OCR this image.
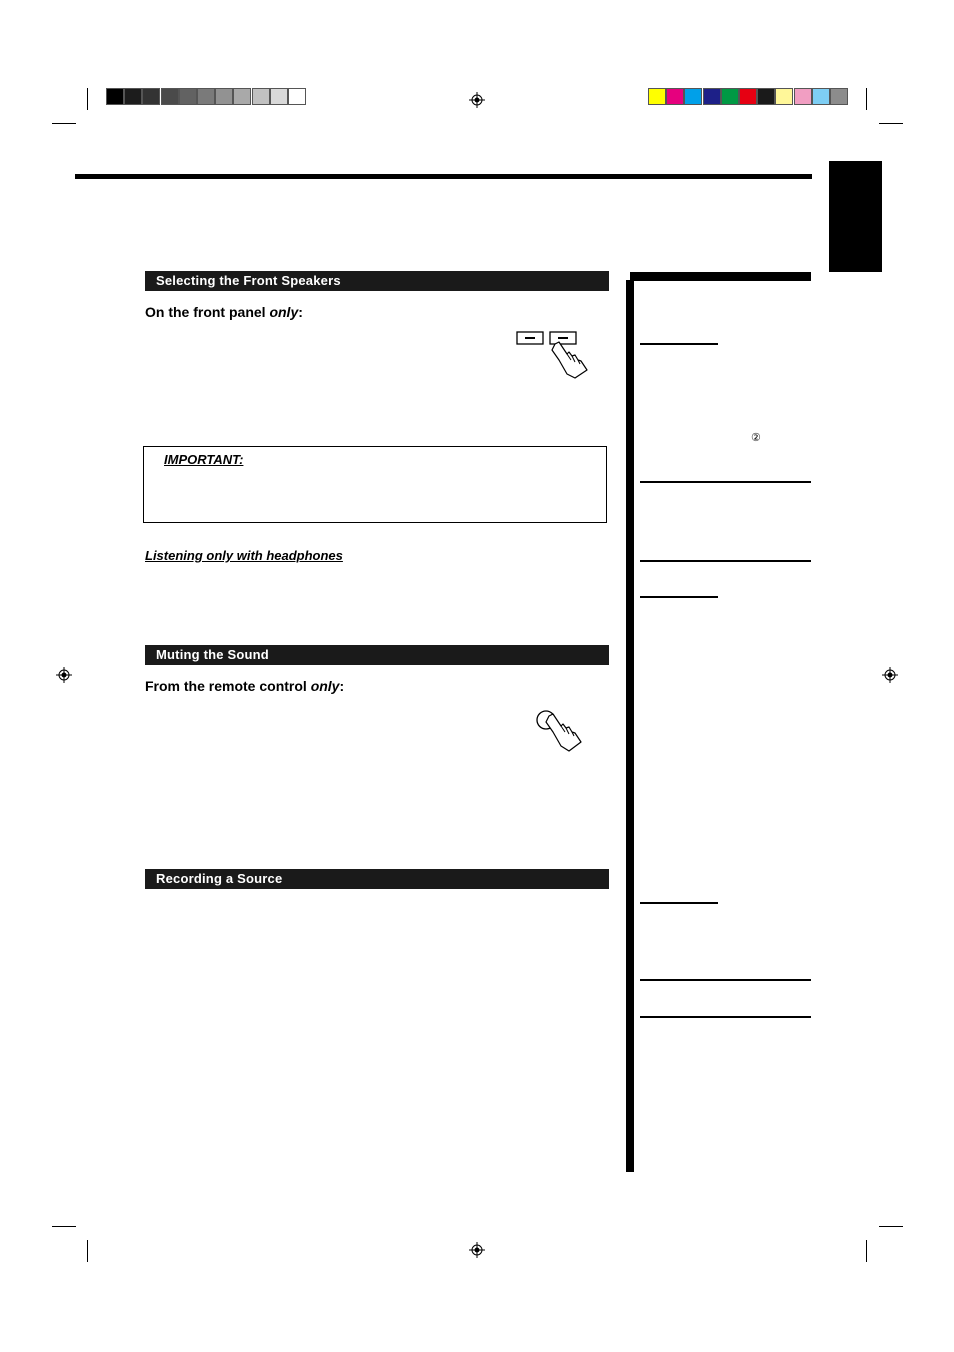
Selecting the Front Speakers
On the front panel only:
IMPORTANT:
Listening only with headphones
Muting the Sound
From the remote control only:
Recording a Source
②
